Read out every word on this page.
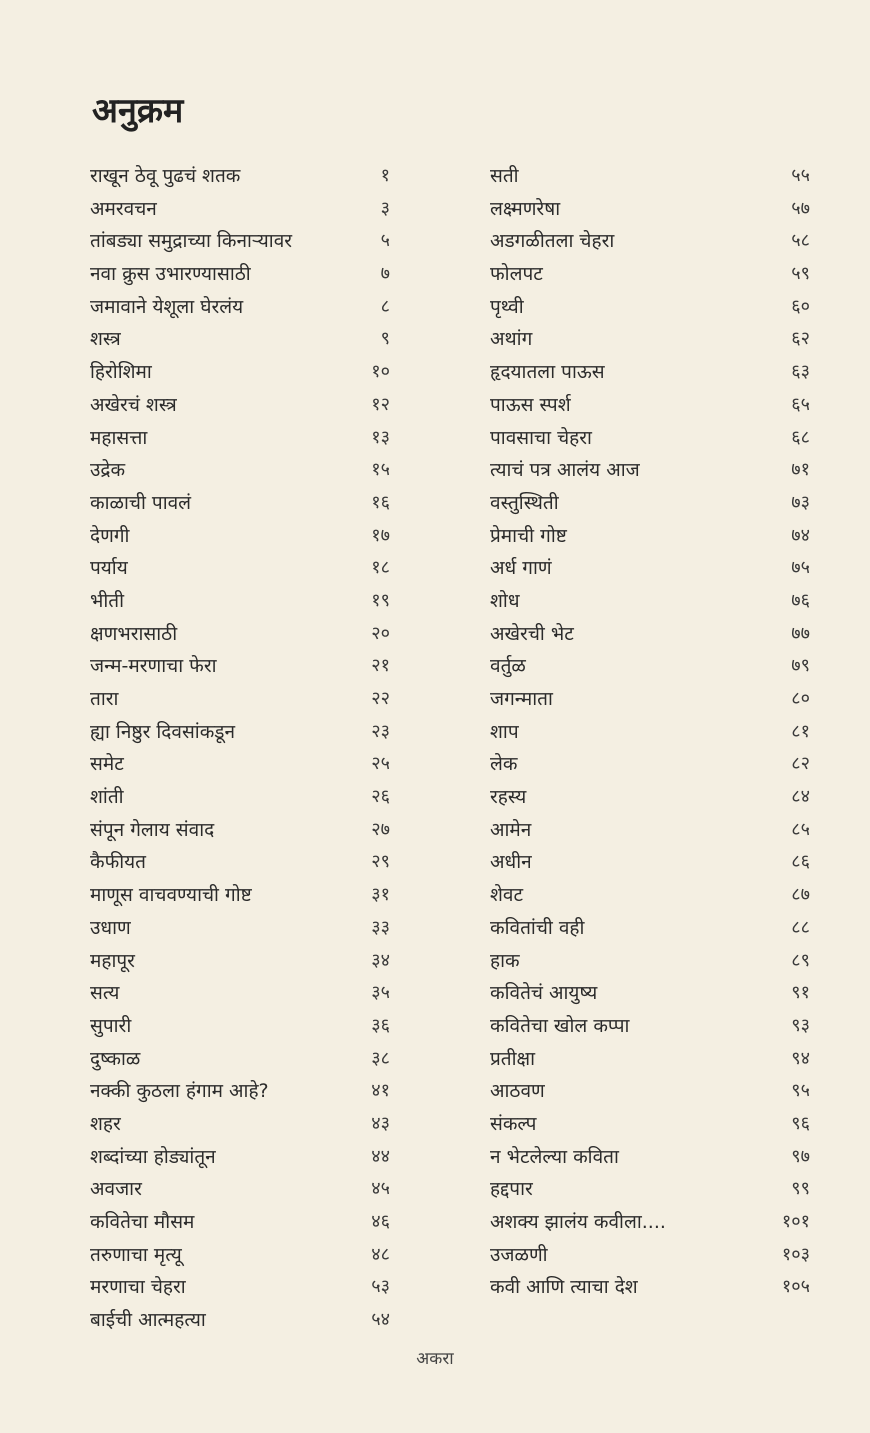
अनुक्रम
राखून ठेवू पुढचं शतक	१
अमरवचन	३
तांबड्या समुद्राच्या किनाऱ्यावर	५
नवा क्रुस उभारण्यासाठी	७
जमावाने येशूला घेरलंय	८
शस्त्र	९
हिरोशिमा	१०
अखेरचं शस्त्र	१२
महासत्ता	१३
उद्रेक	१५
काळाची पावलं	१६
देणगी	१७
पर्याय	१८
भीती	१९
क्षणभरासाठी	२०
जन्म-मरणाचा फेरा	२१
तारा	२२
ह्या निष्ठुर दिवसांकडून	२३
समेट	२५
शांती	२६
संपून गेलाय संवाद	२७
कैफीयत	२९
माणूस वाचवण्याची गोष्ट	३१
उधाण	३३
महापूर	३४
सत्य	३५
सुपारी	३६
दुष्काळ	३८
नक्की कुठला हंगाम आहे?	४१
शहर	४३
शब्दांच्या होड्यांतून	४४
अवजार	४५
कवितेचा मौसम	४६
तरुणाचा मृत्यू	४८
मरणाचा चेहरा	५३
बाईची आत्महत्या	५४
सती	५५
लक्ष्मणरेषा	५७
अडगळीतला चेहरा	५८
फोलपट	५९
पृथ्वी	६०
अथांग	६२
हृदयातला पाऊस	६३
पाऊस स्पर्श	६५
पावसाचा चेहरा	६८
त्याचं पत्र आलंय आज	७१
वस्तुस्थिती	७३
प्रेमाची गोष्ट	७४
अर्ध गाणं	७५
शोध	७६
अखेरची भेट	७७
वर्तुळ	७९
जगन्माता	८०
शाप	८१
लेक	८२
रहस्य	८४
आमेन	८५
अधीन	८६
शेवट	८७
कवितांची वही	८८
हाक	८९
कवितेचं आयुष्य	९१
कवितेचा खोल कप्पा	९३
प्रतीक्षा	९४
आठवण	९५
संकल्प	९६
न भेटलेल्या कविता	९७
हद्दपार	९९
अशक्य झालंय कवीला....	१०१
उजळणी	१०३
कवी आणि त्याचा देश	१०५
अकरा
